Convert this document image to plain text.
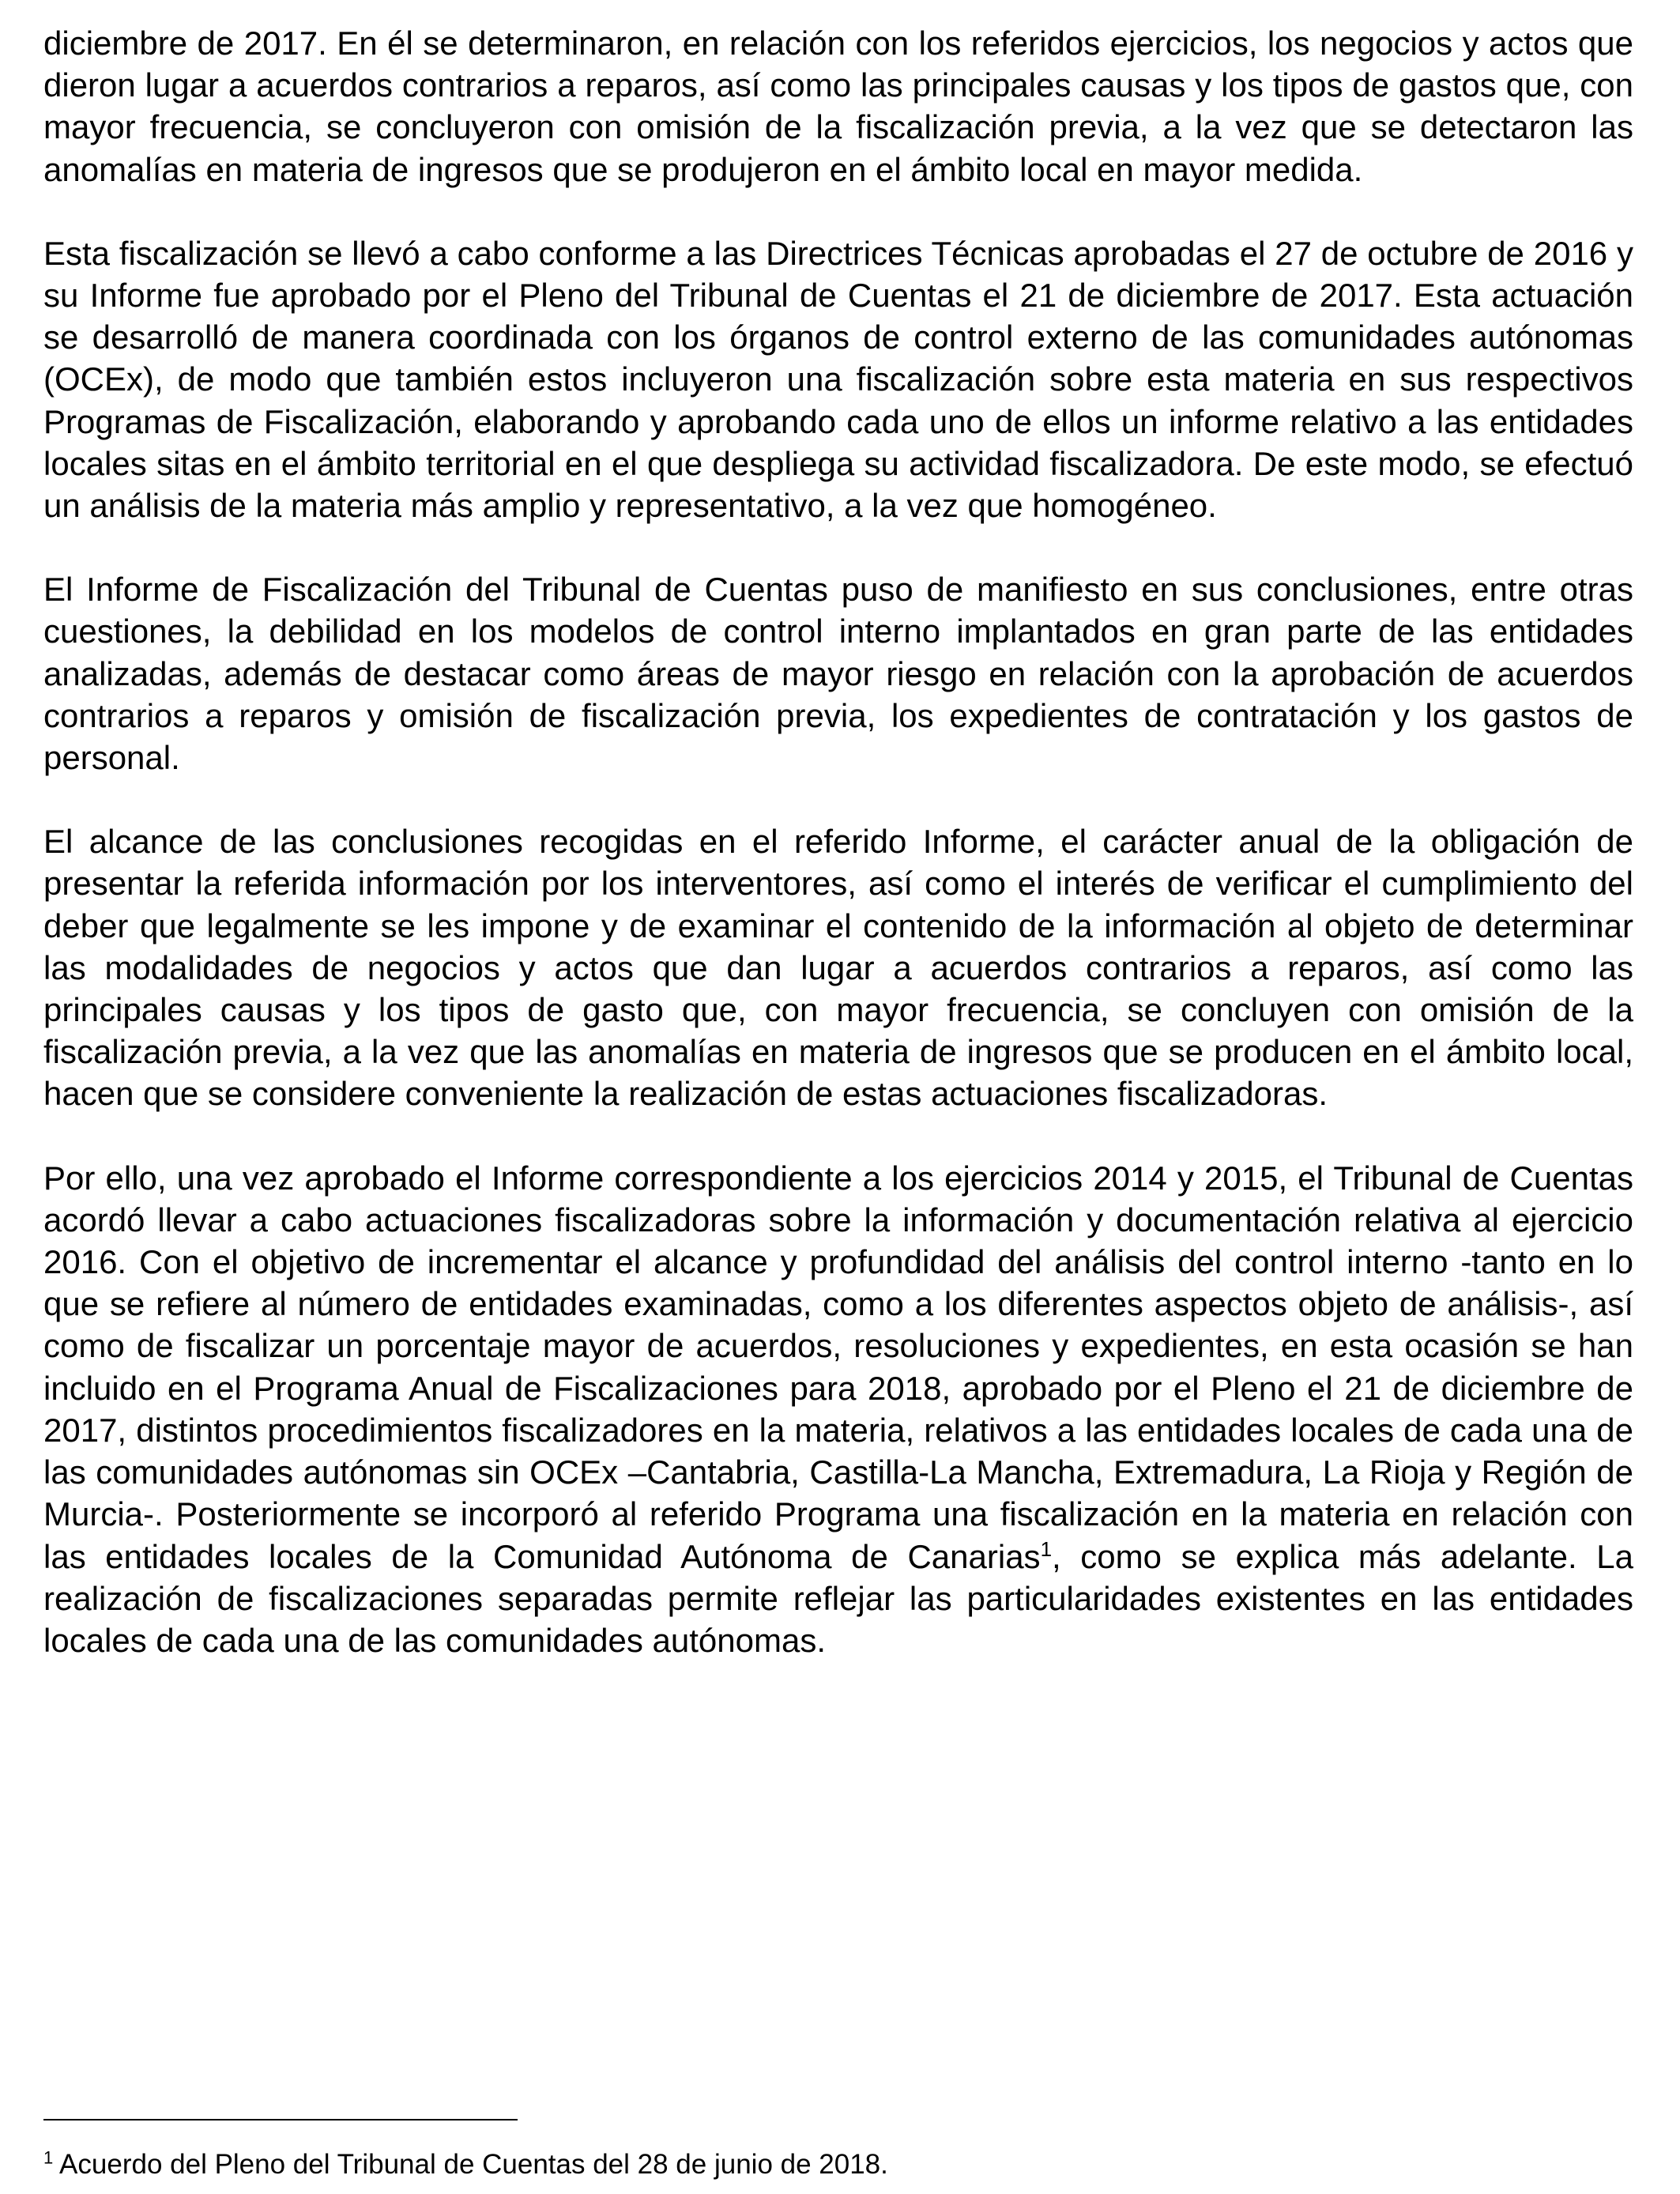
diciembre de 2017. En él se determinaron, en relación con los referidos ejercicios, los negocios y actos que dieron lugar a acuerdos contrarios a reparos, así como las principales causas y los tipos de gastos que, con mayor frecuencia, se concluyeron con omisión de la fiscalización previa, a la vez que se detectaron las anomalías en materia de ingresos que se produjeron en el ámbito local en mayor medida.

Esta fiscalización se llevó a cabo conforme a las Directrices Técnicas aprobadas el 27 de octubre de 2016 y su Informe fue aprobado por el Pleno del Tribunal de Cuentas el 21 de diciembre de 2017. Esta actuación se desarrolló de manera coordinada con los órganos de control externo de las comunidades autónomas (OCEx), de modo que también estos incluyeron una fiscalización sobre esta materia en sus respectivos Programas de Fiscalización, elaborando y aprobando cada uno de ellos un informe relativo a las entidades locales sitas en el ámbito territorial en el que despliega su actividad fiscalizadora. De este modo, se efectuó un análisis de la materia más amplio y representativo, a la vez que homogéneo.

El Informe de Fiscalización del Tribunal de Cuentas puso de manifiesto en sus conclusiones, entre otras cuestiones, la debilidad en los modelos de control interno implantados en gran parte de las entidades analizadas, además de destacar como áreas de mayor riesgo en relación con la aprobación de acuerdos contrarios a reparos y omisión de fiscalización previa, los expedientes de contratación y los gastos de personal.

El alcance de las conclusiones recogidas en el referido Informe, el carácter anual de la obligación de presentar la referida información por los interventores, así como el interés de verificar el cumplimiento del deber que legalmente se les impone y de examinar el contenido de la información al objeto de determinar las modalidades de negocios y actos que dan lugar a acuerdos contrarios a reparos, así como las principales causas y los tipos de gasto que, con mayor frecuencia, se concluyen con omisión de la fiscalización previa, a la vez que las anomalías en materia de ingresos que se producen en el ámbito local, hacen que se considere conveniente la realización de estas actuaciones fiscalizadoras.

Por ello, una vez aprobado el Informe correspondiente a los ejercicios 2014 y 2015, el Tribunal de Cuentas acordó llevar a cabo actuaciones fiscalizadoras sobre la información y documentación relativa al ejercicio 2016. Con el objetivo de incrementar el alcance y profundidad del análisis del control interno -tanto en lo que se refiere al número de entidades examinadas, como a los diferentes aspectos objeto de análisis-, así como de fiscalizar un porcentaje mayor de acuerdos, resoluciones y expedientes, en esta ocasión se han incluido en el Programa Anual de Fiscalizaciones para 2018, aprobado por el Pleno el 21 de diciembre de 2017, distintos procedimientos fiscalizadores en la materia, relativos a las entidades locales de cada una de las comunidades autónomas sin OCEx –Cantabria, Castilla-La Mancha, Extremadura, La Rioja y Región de Murcia-. Posteriormente se incorporó al referido Programa una fiscalización en la materia en relación con las entidades locales de la Comunidad Autónoma de Canarias$^1$, como se explica más adelante. La realización de fiscalizaciones separadas permite reflejar las particularidades existentes en las entidades locales de cada una de las comunidades autónomas.

$^1$ Acuerdo del Pleno del Tribunal de Cuentas del 28 de junio de 2018.
